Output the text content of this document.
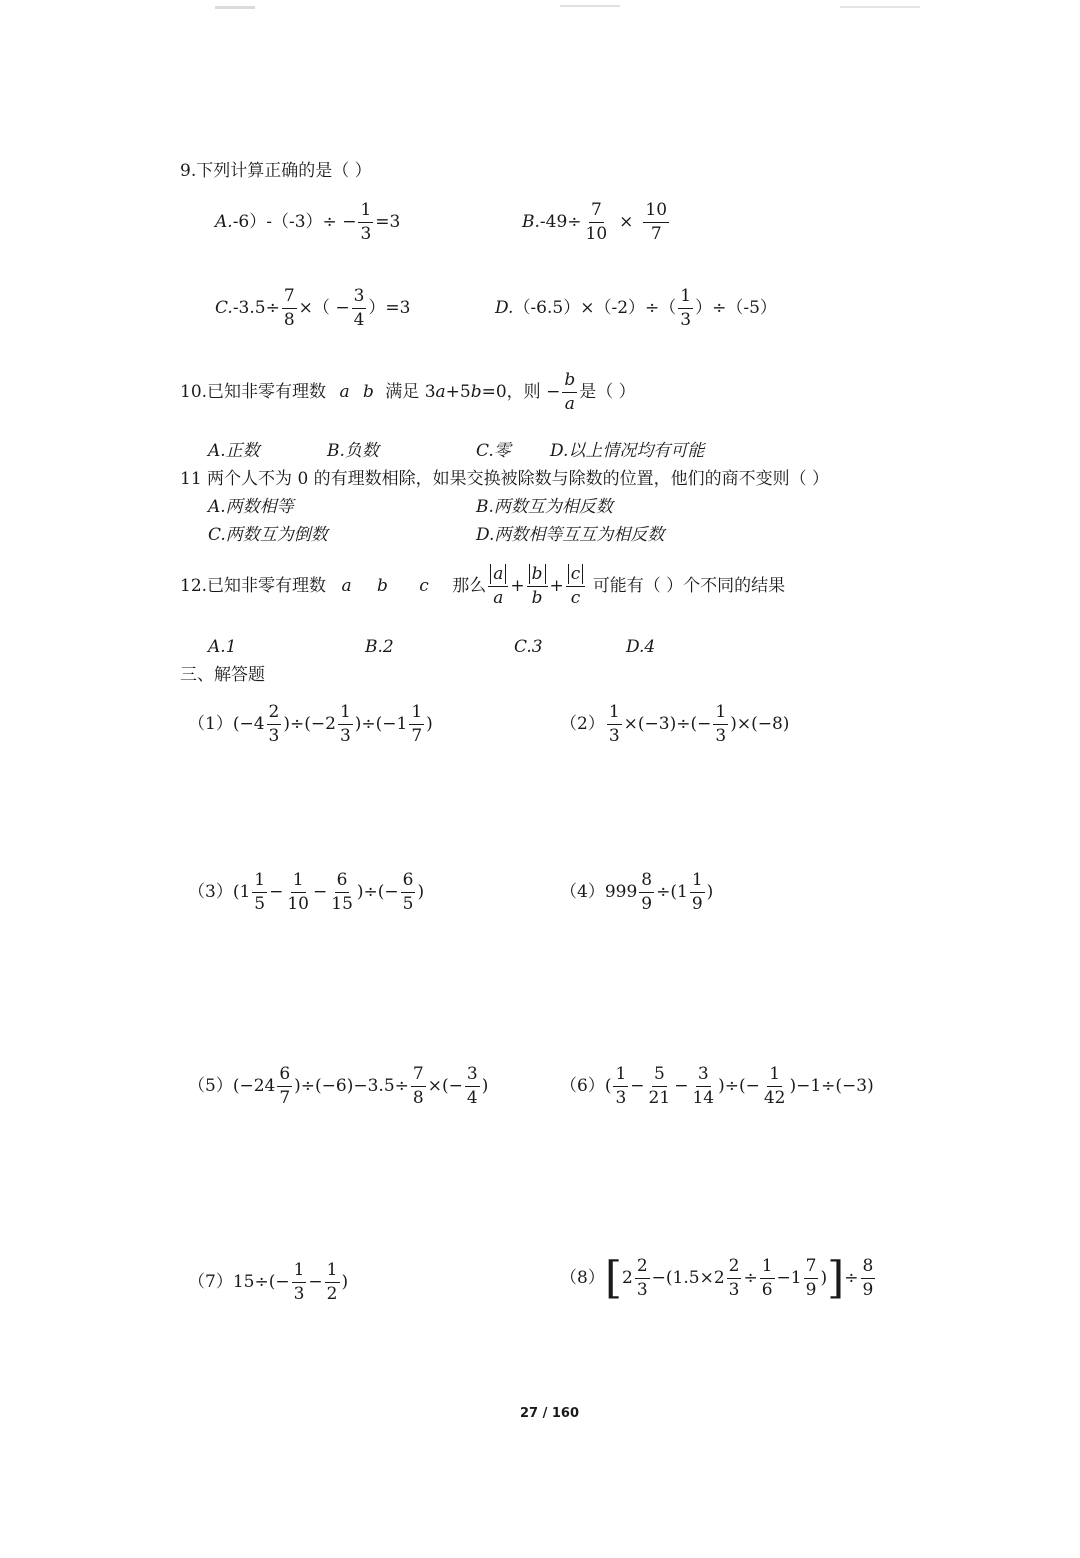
9.下列计算正确的是（ ）
$A.-6)-(-3)\div - \frac{1}{3} =3$	$B.-49\div \frac{7}{10} \times \frac{10}{7}$
$C.-3.5\div \frac{7}{8}$ ×（ − $\frac{3}{4} )=3$	$D.(-6.5)\times(-2)\div( \frac{1}{3} )\div(-5)$
10.已知非零有理数 a b 满足 3a+5b=0，则 − $\frac{b}{a}$ 是（ ）
A.正数	B.负数	C.零 D.以上情况均有可能
11 两个人不为 0 的有理数相除，如果交换被除数与除数的位置，他们的商不变则（ ）
A.两数相等	B.两数互为相反数
C.两数互为倒数	D.两数相等互互为相反数
12.已知非零有理数 a b c 那么 $\frac{a}{a} + \frac{b}{b} + \frac{c}{c}$ 可能有（ ）个不同的结果
A.1	B.2	C.3	D.4
三、解答题
$(1)(-4 \frac{2}{3} )\div(-2 \frac{1}{3} )\div(-1 \frac{1}{7}$ )	$(2) \frac{1}{3} \times(-3)\div(- \frac{1}{3} )\times(-8)$
$(3)(1 \frac{1}{5} - \frac{1}{10} - \frac{6}{15}$ )÷(− $\frac{6}{5}$ )	$(4)999 \frac{8}{9} \div(1 \frac{1}{9}$ )
$(5)(-24 \frac{6}{7} )\div(-6)-3.5\div \frac{7}{8}$ ×(− $\frac{3}{4}$ )	$(6)( \frac{1}{3} - \frac{5}{21} - \frac{3}{14}$ )÷(− $\frac{1}{42} )-1\div(-3)$
$(7)15\div(- \frac{1}{3} - \frac{1}{2}$ )	$(8)[2 \frac{2}{3} -(1.5\times 2 \frac{2}{3} \div \frac{1}{6} -1 \frac{7}{9}$ )]÷ $\frac{8}{9}$
27 / 160
